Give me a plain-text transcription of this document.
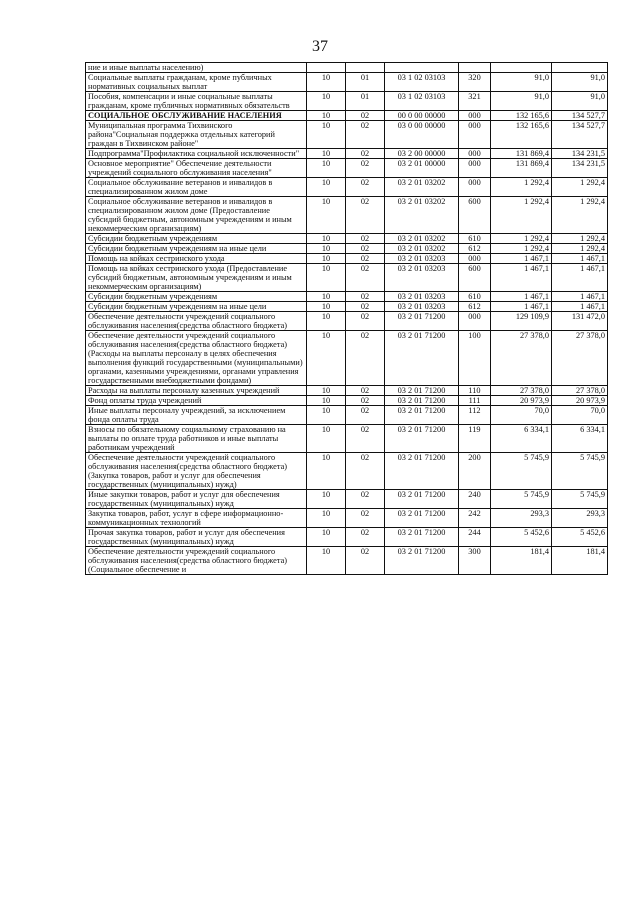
37
ние и иные выплаты населению)						
Социальные выплаты гражданам, кроме публичных нормативных социальных выплат	10	01	03 1 02 03103	320	91,0	91,0
Пособия, компенсации и иные социальные выплаты гражданам, кроме публичных нормативных обязательств	10	01	03 1 02 03103	321	91,0	91,0
СОЦИАЛЬНОЕ ОБСЛУЖИВАНИЕ НАСЕЛЕНИЯ	10	02	00 0 00 00000	000	132 165,6	134 527,7
Муниципальная программа Тихвинского района"Социальная поддержка отдельных категорий граждан в Тихвинском районе"	10	02	03 0 00 00000	000	132 165,6	134 527,7
Подпрограмма"Профилактика социальной исключенности"	10	02	03 2 00 00000	000	131 869,4	134 231,5
Основное мероприятие" Обеспечение деятельности учреждений социального обслуживания населения"	10	02	03 2 01 00000	000	131 869,4	134 231,5
Социальное обслуживание ветеранов и инвалидов в специализированном жилом доме	10	02	03 2 01 03202	000	1 292,4	1 292,4
Социальное обслуживание ветеранов и инвалидов в специализированном жилом доме (Предоставление субсидий бюджетным, автономным учреждениям и иным некоммерческим организациям)	10	02	03 2 01 03202	600	1 292,4	1 292,4
Субсидии бюджетным учреждениям	10	02	03 2 01 03202	610	1 292,4	1 292,4
Субсидии бюджетным учреждениям на иные цели	10	02	03 2 01 03202	612	1 292,4	1 292,4
Помощь на койках сестринского ухода	10	02	03 2 01 03203	000	1 467,1	1 467,1
Помощь на койках сестринского ухода (Предоставление субсидий бюджетным, автономным учреждениям и иным некоммерческим организациям)	10	02	03 2 01 03203	600	1 467,1	1 467,1
Субсидии бюджетным учреждениям	10	02	03 2 01 03203	610	1 467,1	1 467,1
Субсидии бюджетным учреждениям на иные цели	10	02	03 2 01 03203	612	1 467,1	1 467,1
Обеспечение деятельности учреждений социального обслуживания населения(средства областного бюджета)	10	02	03 2 01 71200	000	129 109,9	131 472,0
Обеспечение деятельности учреждений социального обслуживания населения(средства областного бюджета) (Расходы на выплаты персоналу в целях обеспечения выполнения функций государственными (муниципальными) органами, казенными учреждениями, органами управления государственными внебюджетными фондами)	10	02	03 2 01 71200	100	27 378,0	27 378,0
Расходы на выплаты персоналу казенных учреждений	10	02	03 2 01 71200	110	27 378,0	27 378,0
Фонд оплаты труда учреждений	10	02	03 2 01 71200	111	20 973,9	20 973,9
Иные выплаты персоналу учреждений, за исключением фонда оплаты труда	10	02	03 2 01 71200	112	70,0	70,0
Взносы по обязательному социальному страхованию на выплаты по оплате труда работников и иные выплаты работникам учреждений	10	02	03 2 01 71200	119	6 334,1	6 334,1
Обеспечение деятельности учреждений социального обслуживания населения(средства областного бюджета) (Закупка товаров, работ и услуг для обеспечения государственных (муниципальных) нужд)	10	02	03 2 01 71200	200	5 745,9	5 745,9
Иные закупки товаров, работ и услуг для обеспечения государственных (муниципальных) нужд	10	02	03 2 01 71200	240	5 745,9	5 745,9
Закупка товаров, работ, услуг в сфере информационно-коммуникационных технологий	10	02	03 2 01 71200	242	293,3	293,3
Прочая закупка товаров, работ и услуг для обеспечения государственных (муниципальных) нужд	10	02	03 2 01 71200	244	5 452,6	5 452,6
Обеспечение деятельности учреждений социального обслуживания населения(средства областного бюджета) (Социальное обеспечение и	10	02	03 2 01 71200	300	181,4	181,4
